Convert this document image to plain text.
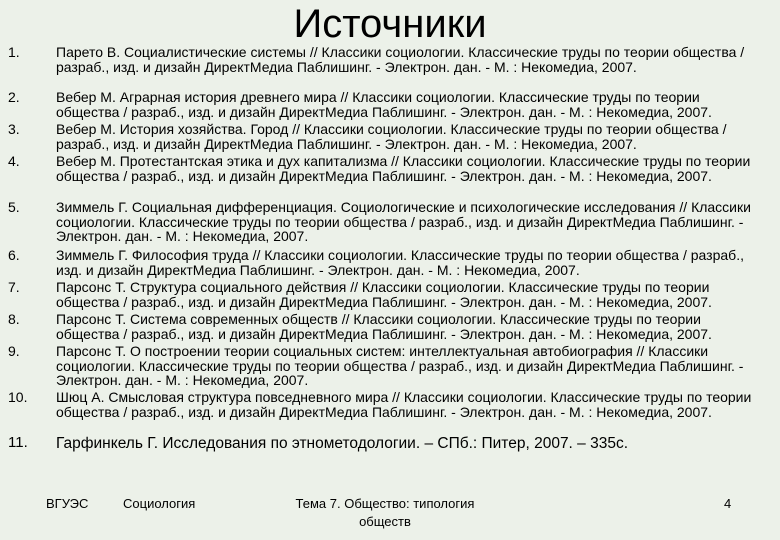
Источники
1.	Парето В. Социалистические системы // Классики социологии. Классические труды по теории общества / разраб., изд. и дизайн ДиректМедиа Паблишинг. - Электрон. дан. - М. : Некомедиа, 2007.
2.	Вебер М. Аграрная история древнего мира // Классики социологии. Классические труды по теории общества / разраб., изд. и дизайн ДиректМедиа Паблишинг. - Электрон. дан. - М. : Некомедиа, 2007.
3.	Вебер М. История хозяйства. Город // Классики социологии. Классические труды по теории общества / разраб., изд. и дизайн ДиректМедиа Паблишинг. - Электрон. дан. - М. : Некомедиа, 2007.
4.	Вебер М. Протестантская этика и дух капитализма // Классики социологии. Классические труды по теории общества / разраб., изд. и дизайн ДиректМедиа Паблишинг. - Электрон. дан. - М. : Некомедиа, 2007.
5.	Зиммель Г. Социальная дифференциация. Социологические и психологические исследования // Классики социологии. Классические труды по теории общества / разраб., изд. и дизайн ДиректМедиа Паблишинг. - Электрон. дан. - М. : Некомедиа, 2007.
6.	Зиммель Г. Философия труда // Классики социологии. Классические труды по теории общества / разраб., изд. и дизайн ДиректМедиа Паблишинг. - Электрон. дан. - М. : Некомедиа, 2007.
7.	Парсонс Т. Структура социального действия // Классики социологии. Классические труды по теории общества / разраб., изд. и дизайн ДиректМедиа Паблишинг. - Электрон. дан. - М. : Некомедиа, 2007.
8.	Парсонс Т. Система современных обществ // Классики социологии. Классические труды по теории общества / разраб., изд. и дизайн ДиректМедиа Паблишинг. - Электрон. дан. - М. : Некомедиа, 2007.
9.	Парсонс Т. О построении теории социальных систем: интеллектуальная автобиография // Классики социологии. Классические труды по теории общества / разраб., изд. и дизайн ДиректМедиа Паблишинг. - Электрон. дан. - М. : Некомедиа, 2007.
10. Шюц А. Смысловая структура повседневного мира // Классики социологии. Классические труды по теории общества / разраб., изд. и дизайн ДиректМедиа Паблишинг. - Электрон. дан. - М. : Некомедиа, 2007.
11. Гарфинкель Г. Исследования по этнометодологии. – СПб.: Питер, 2007. – 335с.
ВГУЭС	Социология	Тема 7. Общество: типология обществ
4
